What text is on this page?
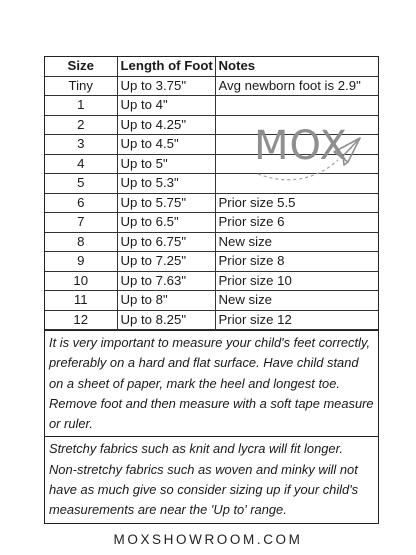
Size	Length of Foot	Notes
Tiny	Up to 3.75"	Avg newborn foot is 2.9"
1	Up to 4"	
2	Up to 4.25"	
3	Up to 4.5"	
4	Up to 5"	
5	Up to 5.3"	
6	Up to 5.75"	Prior size 5.5
7	Up to 6.5"	Prior size 6
8	Up to 6.75"	New size
9	Up to 7.25"	Prior size 8
10	Up to 7.63"	Prior size 10
11	Up to 8"	New size
12	Up to 8.25"	Prior size 12
It is very important to measure your child's feet correctly, preferably on a hard and flat surface. Have child stand on a sheet of paper, mark the heel and longest toe. Remove foot and then measure with a soft tape measure or ruler.
Stretchy fabrics such as knit and lycra will fit longer. Non-stretchy fabrics such as woven and minky will not have as much give so consider sizing up if your child's measurements are near the 'Up to' range.
MOX
MOXSHOWROOM.COM
